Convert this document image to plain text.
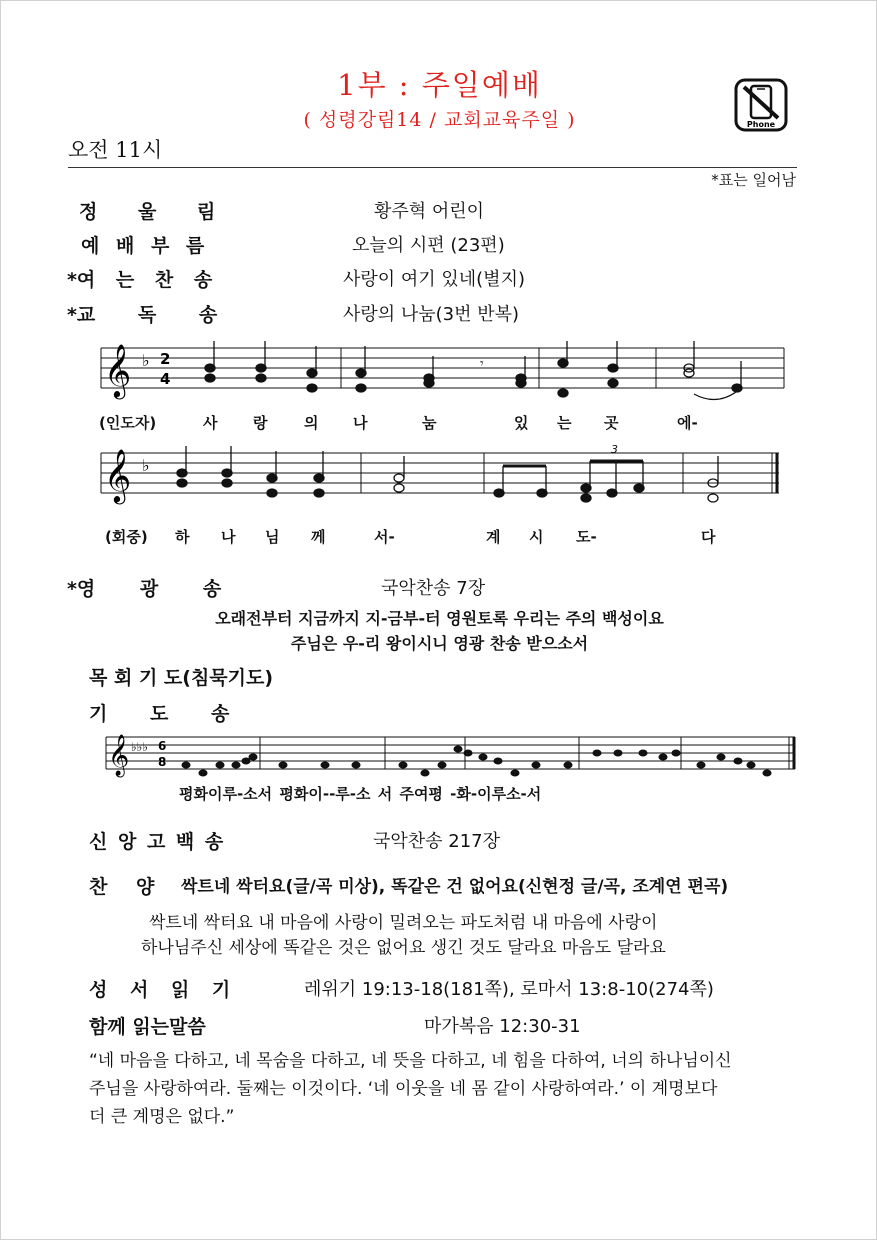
1부 : 주일예배
( 성령강림14 / 교회교육주일 )	Phone
오전 11시
*표는 일어남
정 울 림	황주혁 어린이
예 배 부 름	오늘의 시편 (23편)
*여 는 찬 송	사랑이 여기 있네(별지)
*교 독 송	사랑의 나눔(3번 반복)
𝄞 ♭ 2
4
𝄾
(인도자)	사 랑 의 나	눔	있 는 곳	에-
𝄞 ♭
3
(회중) 하 나 님 께	서-	계 시 도-	다
*영 광 송	국악찬송 7장
오래전부터 지금까지 지-금부-터 영원토록 우리는 주의 백성이요
주님은 우-리 왕이시니 영광 찬송 받으소서
목 회 기 도(침묵기도)
기 도 송
𝄞 ♭♭♭ 6
8
평화이루-소서 평화이--루-소 서 주여평 -화-이루소-서
신 앙 고 백 송	국악찬송 217장
찬 양 싹트네 싹터요(글/곡 미상), 똑같은 건 없어요(신현정 글/곡, 조계연 편곡)
싹트네 싹터요 내 마음에 사랑이 밀려오는 파도처럼 내 마음에 사랑이
하나님주신 세상에 똑같은 것은 없어요 생긴 것도 달라요 마음도 달라요
성 서 읽 기	레위기 19:13-18(181쪽), 로마서 13:8-10(274쪽)
함께 읽는말씀	마가복음 12:30-31
“네 마음을 다하고, 네 목숨을 다하고, 네 뜻을 다하고, 네 힘을 다하여, 너의 하나님이신
주님을 사랑하여라. 둘째는 이것이다. ‘네 이웃을 네 몸 같이 사랑하여라.’ 이 계명보다
더 큰 계명은 없다.”
